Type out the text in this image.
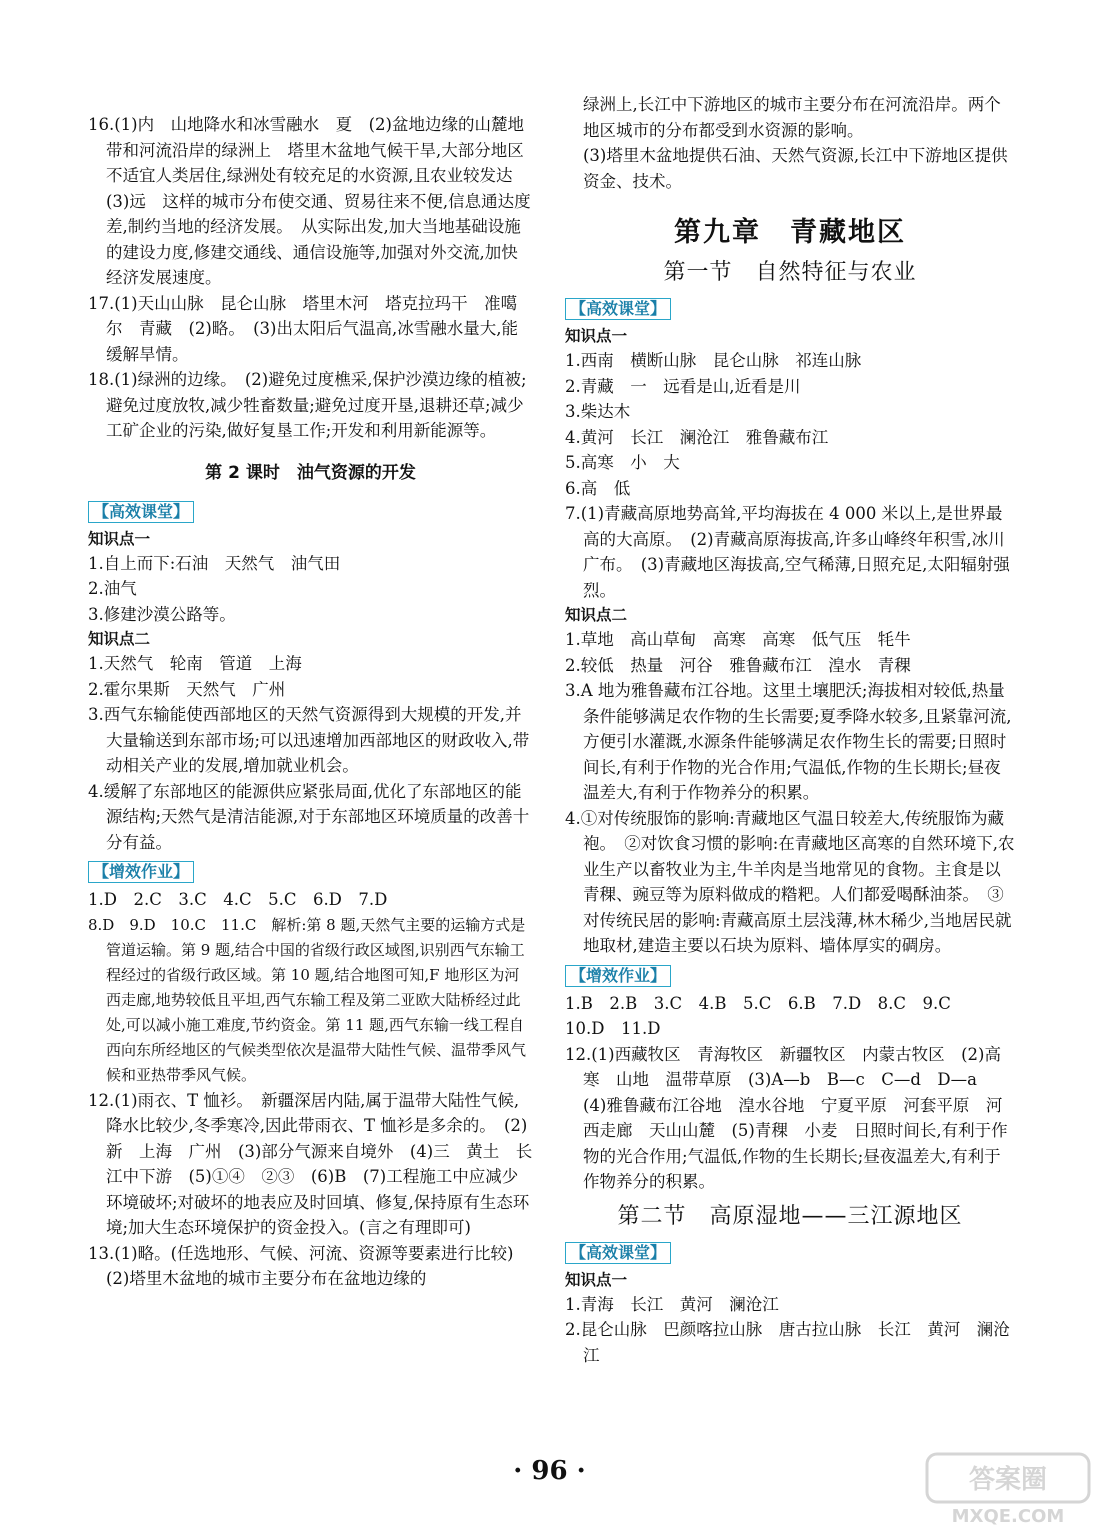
16.(1)内　山地降水和冰雪融水　夏　(2)盆地边缘的山麓地带和河流沿岸的绿洲上　塔里木盆地气候干旱,大部分地区不适宜人类居住,绿洲处有较充足的水资源,且农业较发达　(3)远　这样的城市分布使交通、贸易往来不便,信息通达度差,制约当地的经济发展。　从实际出发,加大当地基础设施的建设力度,修建交通线、通信设施等,加强对外交流,加快经济发展速度。

17.(1)天山山脉　昆仑山脉　塔里木河　塔克拉玛干　准噶尔　青藏　(2)略。　(3)出太阳后气温高,冰雪融水量大,能缓解旱情。

18.(1)绿洲的边缘。　(2)避免过度樵采,保护沙漠边缘的植被;避免过度放牧,减少牲畜数量;避免过度开垦,退耕还草;减少工矿企业的污染,做好复垦工作;开发和利用新能源等。

第 2 课时　油气资源的开发
【高效课堂】
知识点一

1.自上而下:石油　天然气　油气田

2.油气

3.修建沙漠公路等。

知识点二

1.天然气　轮南　管道　上海

2.霍尔果斯　天然气　广州

3.西气东输能使西部地区的天然气资源得到大规模的开发,并大量输送到东部市场;可以迅速增加西部地区的财政收入,带动相关产业的发展,增加就业机会。

4.缓解了东部地区的能源供应紧张局面,优化了东部地区的能源结构;天然气是清洁能源,对于东部地区环境质量的改善十分有益。

【增效作业】

1.D　2.C　3.C　4.C　5.C　6.D　7.D

8.D　9.D　10.C　11.C　解析:第 8 题,天然气主要的运输方式是管道运输。第 9 题,结合中国的省级行政区域图,识别西气东输工程经过的省级行政区域。第 10 题,结合地图可知,F 地形区为河西走廊,地势较低且平坦,西气东输工程及第二亚欧大陆桥经过此处,可以减小施工难度,节约资金。第 11 题,西气东输一线工程自西向东所经地区的气候类型依次是温带大陆性气候、温带季风气候和亚热带季风气候。

12.(1)雨衣、T 恤衫。　新疆深居内陆,属于温带大陆性气候,降水比较少,冬季寒冷,因此带雨衣、T 恤衫是多余的。　(2)新　上海　广州　(3)部分气源来自境外　(4)三　黄土　长江中下游　(5)①④　②③　(6)B　(7)工程施工中应减少环境破坏;对破坏的地表应及时回填、修复,保持原有生态环境;加大生态环境保护的资金投入。(言之有理即可)

13.(1)略。(任选地形、气候、河流、资源等要素进行比较)　(2)塔里木盆地的城市主要分布在盆地边缘的

绿洲上,长江中下游地区的城市主要分布在河流沿岸。两个地区城市的分布都受到水资源的影响。

(3)塔里木盆地提供石油、天然气资源,长江中下游地区提供资金、技术。

第九章　青藏地区
第一节　自然特征与农业
【高效课堂】
知识点一

1.西南　横断山脉　昆仑山脉　祁连山脉

2.青藏　一　远看是山,近看是川

3.柴达木

4.黄河　长江　澜沧江　雅鲁藏布江

5.高寒　小　大

6.高　低

7.(1)青藏高原地势高耸,平均海拔在 4 000 米以上,是世界最高的大高原。　(2)青藏高原海拔高,许多山峰终年积雪,冰川广布。　(3)青藏地区海拔高,空气稀薄,日照充足,太阳辐射强烈。

知识点二

1.草地　高山草甸　高寒　高寒　低气压　牦牛

2.较低　热量　河谷　雅鲁藏布江　湟水　青稞

3.A 地为雅鲁藏布江谷地。这里土壤肥沃;海拔相对较低,热量条件能够满足农作物的生长需要;夏季降水较多,且紧靠河流,方便引水灌溉,水源条件能够满足农作物生长的需要;日照时间长,有利于作物的光合作用;气温低,作物的生长期长;昼夜温差大,有利于作物养分的积累。

4.①对传统服饰的影响:青藏地区气温日较差大,传统服饰为藏袍。　②对饮食习惯的影响:在青藏地区高寒的自然环境下,农业生产以畜牧业为主,牛羊肉是当地常见的食物。主食是以青稞、豌豆等为原料做成的糌粑。人们都爱喝酥油茶。　③对传统民居的影响:青藏高原土层浅薄,林木稀少,当地居民就地取材,建造主要以石块为原料、墙体厚实的碉房。

【增效作业】

1.B　2.B　3.C　4.B　5.C　6.B　7.D　8.C　9.C

10.D　11.D

12.(1)西藏牧区　青海牧区　新疆牧区　内蒙古牧区　(2)高寒　山地　温带草原　(3)A—b　B—c　C—d　D—a　(4)雅鲁藏布江谷地　湟水谷地　宁夏平原　河套平原　河西走廊　天山山麓　(5)青稞　小麦　日照时间长,有利于作物的光合作用;气温低,作物的生长期长;昼夜温差大,有利于作物养分的积累。

第二节　高原湿地——三江源地区
【高效课堂】
知识点一

1.青海　长江　黄河　澜沧江

2.昆仑山脉　巴颜喀拉山脉　唐古拉山脉　长江　黄河　澜沧江

· 96 ·	答案圈
MXQE.COM
